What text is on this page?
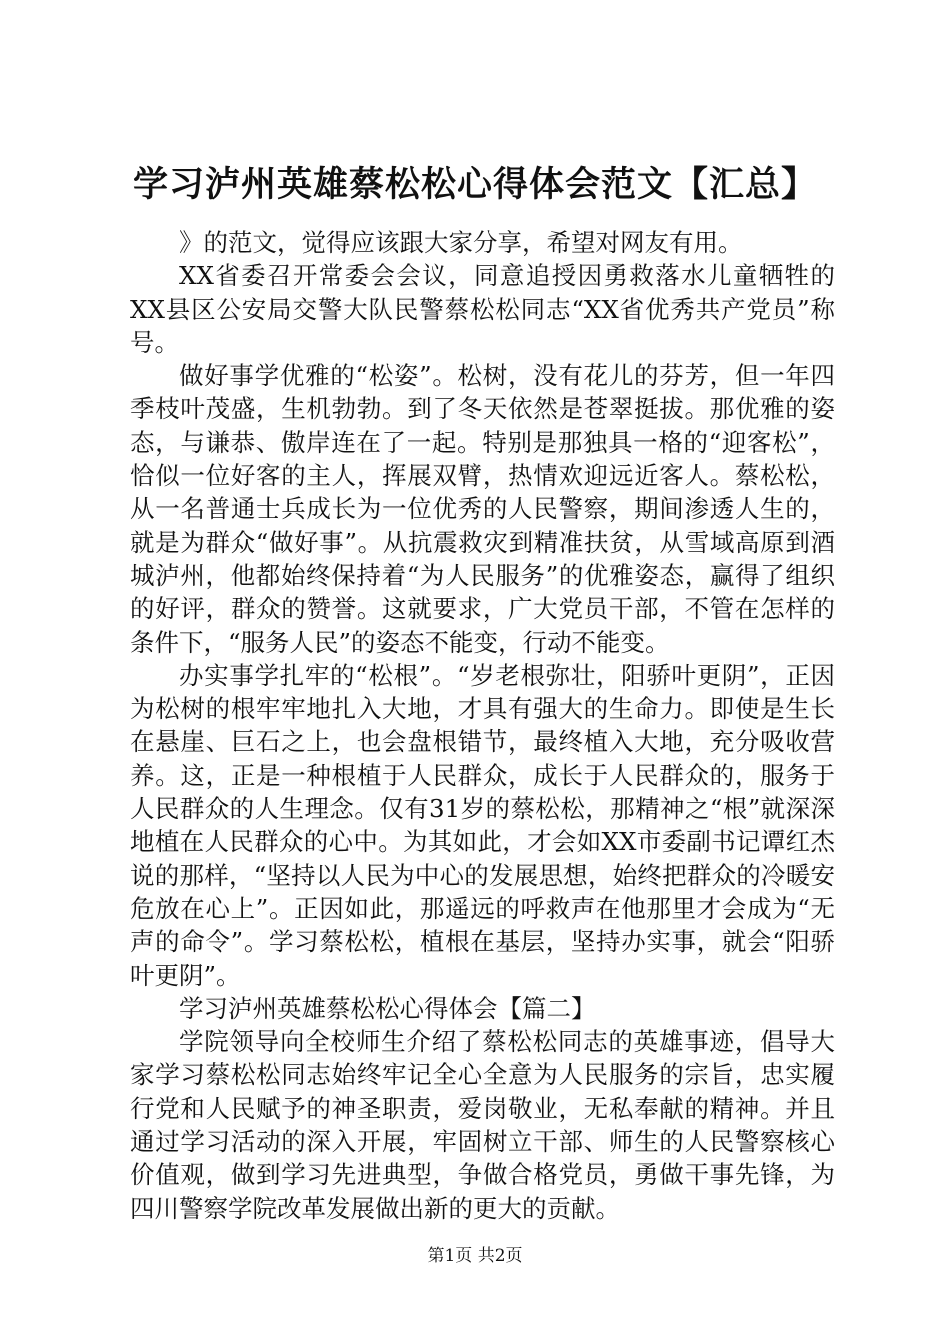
学习泸州英雄蔡松松心得体会范文【汇总】

》的范文，觉得应该跟大家分享，希望对网友有用。

XX省委召开常委会会议，同意追授因勇救落水儿童牺牲的XX县区公安局交警大队民警蔡松松同志“XX省优秀共产党员”称号。

做好事学优雅的“松姿”。松树，没有花儿的芬芳，但一年四季枝叶茂盛，生机勃勃。到了冬天依然是苍翠挺拔。那优雅的姿态，与谦恭、傲岸连在了一起。特别是那独具一格的“迎客松”，恰似一位好客的主人，挥展双臂，热情欢迎远近客人。蔡松松，从一名普通士兵成长为一位优秀的人民警察，期间渗透人生的，就是为群众“做好事”。从抗震救灾到精准扶贫，从雪域高原到酒城泸州，他都始终保持着“为人民服务”的优雅姿态，赢得了组织的好评，群众的赞誉。这就要求，广大党员干部，不管在怎样的条件下，“服务人民”的姿态不能变，行动不能变。

办实事学扎牢的“松根”。“岁老根弥壮，阳骄叶更阴”，正因为松树的根牢牢地扎入大地，才具有强大的生命力。即使是生长在悬崖、巨石之上，也会盘根错节，最终植入大地，充分吸收营养。这，正是一种根植于人民群众，成长于人民群众的，服务于人民群众的人生理念。仅有31岁的蔡松松，那精神之“根”就深深地植在人民群众的心中。为其如此，才会如XX市委副书记谭红杰说的那样，“坚持以人民为中心的发展思想，始终把群众的冷暖安危放在心上”。正因如此，那遥远的呼救声在他那里才会成为“无声的命令”。学习蔡松松，植根在基层，坚持办实事，就会“阳骄叶更阴”。

学习泸州英雄蔡松松心得体会【篇二】

学院领导向全校师生介绍了蔡松松同志的英雄事迹，倡导大家学习蔡松松同志始终牢记全心全意为人民服务的宗旨，忠实履行党和人民赋予的神圣职责，爱岗敬业，无私奉献的精神。并且通过学习活动的深入开展，牢固树立干部、师生的人民警察核心价值观，做到学习先进典型，争做合格党员，勇做干事先锋，为四川警察学院改革发展做出新的更大的贡献。

第1页 共2页
